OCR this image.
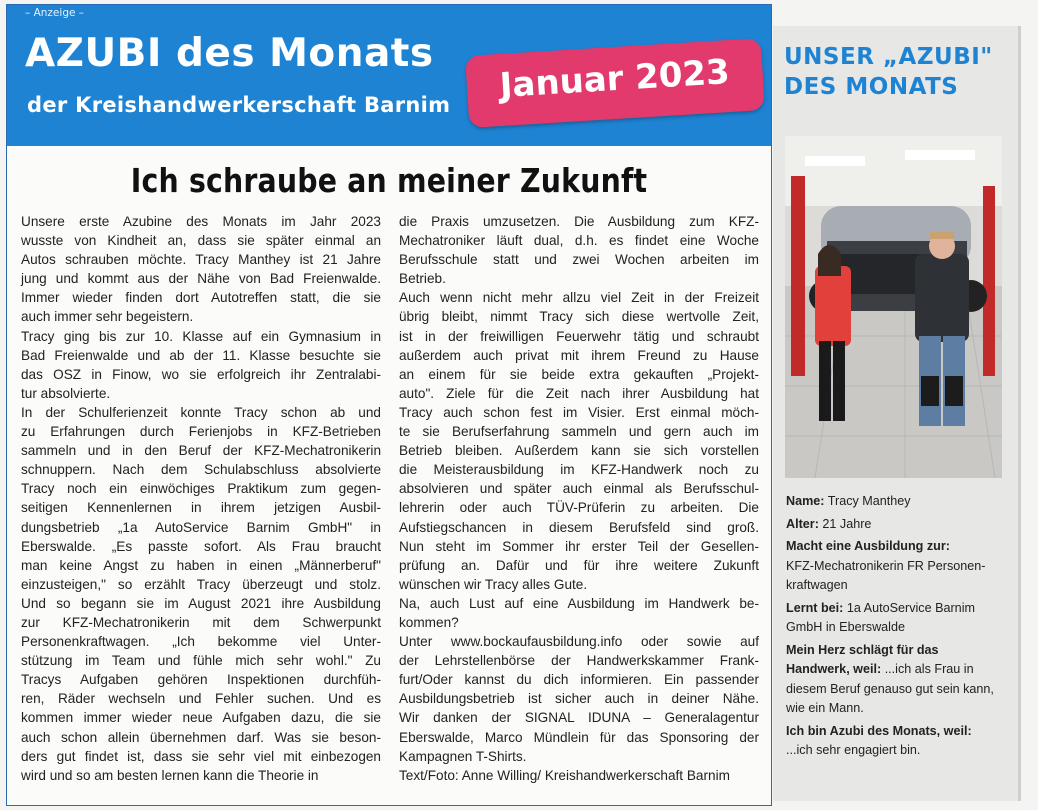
– Anzeige –
AZUBI des Monats
der Kreishandwerkerschaft Barnim	Januar 2023
Ich schraube an meiner Zukunft

Unsere erste Azubine des Monats im Jahr 2023

wusste von Kindheit an, dass sie später einmal an

Autos schrauben möchte. Tracy Manthey ist 21 Jahre

jung und kommt aus der Nähe von Bad Freienwalde.

Immer wieder finden dort Autotreffen statt, die sie

auch immer sehr begeistern.

Tracy ging bis zur 10. Klasse auf ein Gymnasium in

Bad Freienwalde und ab der 11. Klasse besuchte sie

das OSZ in Finow, wo sie erfolgreich ihr Zentralabi-

tur absolvierte.

In der Schulferienzeit konnte Tracy schon ab und

zu Erfahrungen durch Ferienjobs in KFZ-Betrieben

sammeln und in den Beruf der KFZ-Mechatronikerin

schnuppern. Nach dem Schulabschluss absolvierte

Tracy noch ein einwöchiges Praktikum zum gegen-

seitigen Kennenlernen in ihrem jetzigen Ausbil-

dungsbetrieb „1a AutoService Barnim GmbH" in

Eberswalde. „Es passte sofort. Als Frau braucht

man keine Angst zu haben in einen „Männerberuf"

einzusteigen," so erzählt Tracy überzeugt und stolz.

Und so begann sie im August 2021 ihre Ausbildung

zur KFZ-Mechatronikerin mit dem Schwerpunkt

Personenkraftwagen. „Ich bekomme viel Unter-

stützung im Team und fühle mich sehr wohl." Zu

Tracys Aufgaben gehören Inspektionen durchfüh-

ren, Räder wechseln und Fehler suchen. Und es

kommen immer wieder neue Aufgaben dazu, die sie

auch schon allein übernehmen darf. Was sie beson-

ders gut findet ist, dass sie sehr viel mit einbezogen

wird und so am besten lernen kann die Theorie in

die Praxis umzusetzen. Die Ausbildung zum KFZ-

Mechatroniker läuft dual, d.h. es findet eine Woche

Berufsschule statt und zwei Wochen arbeiten im

Betrieb.

Auch wenn nicht mehr allzu viel Zeit in der Freizeit

übrig bleibt, nimmt Tracy sich diese wertvolle Zeit,

ist in der freiwilligen Feuerwehr tätig und schraubt

außerdem auch privat mit ihrem Freund zu Hause

an einem für sie beide extra gekauften „Projekt-

auto". Ziele für die Zeit nach ihrer Ausbildung hat

Tracy auch schon fest im Visier. Erst einmal möch-

te sie Berufserfahrung sammeln und gern auch im

Betrieb bleiben. Außerdem kann sie sich vorstellen

die Meisterausbildung im KFZ-Handwerk noch zu

absolvieren und später auch einmal als Berufsschul-

lehrerin oder auch TÜV-Prüferin zu arbeiten. Die

Aufstiegschancen in diesem Berufsfeld sind groß.

Nun steht im Sommer ihr erster Teil der Gesellen-

prüfung an. Dafür und für ihre weitere Zukunft

wünschen wir Tracy alles Gute.

Na, auch Lust auf eine Ausbildung im Handwerk be-

kommen?

Unter www.bockaufausbildung.info oder sowie auf

der Lehrstellenbörse der Handwerkskammer Frank-

furt/Oder kannst du dich informieren. Ein passender

Ausbildungsbetrieb ist sicher auch in deiner Nähe.

Wir danken der SIGNAL IDUNA – Generalagentur

Eberswalde, Marco Mündlein für das Sponsoring der

Kampagnen T-Shirts.

Text/Foto: Anne Willing/ Kreishandwerkerschaft Barnim

UNSER „AZUBI"
DES MONATS

Name: Tracy Manthey

Alter: 21 Jahre

Macht eine Ausbildung zur:
KFZ-Mechatronikerin FR Personen-
kraftwagen

Lernt bei: 1a AutoService Barnim
GmbH in Eberswalde

Mein Herz schlägt für das
Handwerk, weil: ...ich als Frau in
diesem Beruf genauso gut sein kann,
wie ein Mann.

Ich bin Azubi des Monats, weil:
...ich sehr engagiert bin.
